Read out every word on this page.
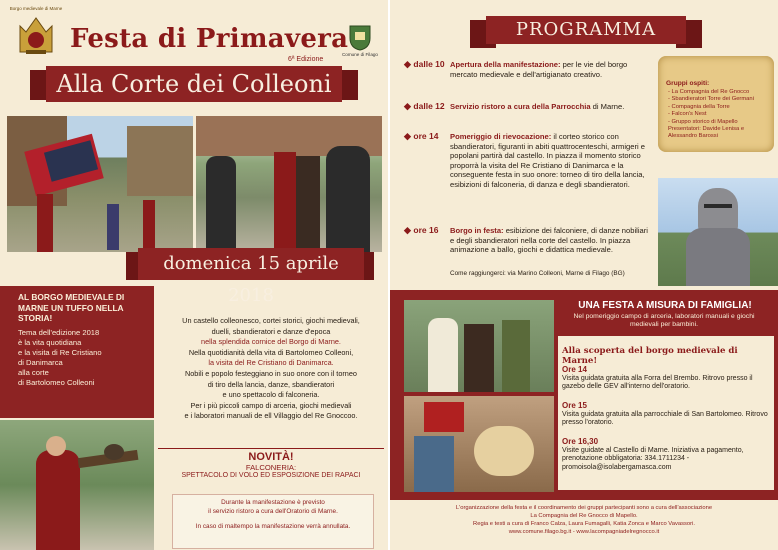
Borgo medievale di Marne
Festa di Primavera
6ª Edizione
Comune di Filago
Alla Corte dei Colleoni
domenica 15 aprile 2018
AL BORGO MEDIEVALE DI MARNE UN TUFFO NELLA STORIA!
Tema dell'edizione 2018
è la vita quotidiana
e la visita di Re Cristiano
di Danimarca
alla corte
di Bartolomeo Colleoni
Un castello colleonesco, cortei storici, giochi medievali,
duelli, sbandieratori e danze d'epoca
nella splendida cornice del Borgo di Marne.
Nella quotidianità della vita di Bartolomeo Colleoni,
la visita del Re Cristiano di Danimarca.
Nobili e popolo festeggiano in suo onore con il torneo
di tiro della lancia, danze, sbandieratori
e uno spettacolo di falconeria.
Per i più piccoli campo di arceria, giochi medievali
e i laboratori manuali de ell Villaggio del Re Gnoccoo.
NOVITÀ!
FALCONERIA:
SPETTACOLO DI VOLO ED ESPOSIZIONE DEI RAPACI
Durante la manifestazione è previsto
il servizio ristoro a cura dell'Oratorio di Marne.
In caso di maltempo la manifestazione verrà annullata.
PROGRAMMA
◆ dalle 10 Apertura della manifestazione: per le vie del borgo mercato medievale e dell'artigianato creativo.
◆ dalle 12 Servizio ristoro a cura della Parrocchia di Marne.
◆ ore 14	Pomeriggio di rievocazione: il corteo storico con sbandieratori, figuranti in abiti quattrocenteschi, armigeri e popolani partirà dal castello. In piazza il momento storico proporrà la visita del Re Cristiano di Danimarca e la conseguente festa in suo onore: torneo di tiro della lancia, esibizioni di falconeria, di danza e degli sbandieratori.
◆ ore 16	Borgo in festa: esibizione dei falconiere, di danze nobiliari e degli sbandieratori nella corte del castello. In piazza animazione a ballo, giochi e didattica medievale.
Come raggiungerci: via Marino Colleoni, Marne di Filago (BG)
Gruppi ospiti:
- La Compagnia del Re Gnocco
- Sbandieratori Torre dei Germani
- Compagnia della Torre
- Falcon's Nest
- Gruppo storico di Mapello
Presentatori: Davide Lenisa e Alessandro Barossi
UNA FESTA A MISURA DI FAMIGLIA!
Nel pomeriggio campo di arceria, laboratori manuali e giochi medievali per bambini.
Alla scoperta del borgo medievale di Marne!
Ore 14
Visita guidata gratuita alla Forra del Brembo. Ritrovo presso il gazebo delle GEV all'interno dell'oratorio.
Ore 15
Visita guidata gratuita alla parrocchiale di San Bartolomeo. Ritrovo presso l'oratorio.
Ore 16,30
Visite guidate al Castello di Marne. Iniziativa a pagamento, prenotazione obbligatoria: 334.1711234 - promoisola@isolabergamasca.com
L'organizzazione della festa e il coordinamento dei gruppi partecipanti sono a cura dell'associazione
La Compagnia del Re Gnocco di Mapello.
Regia e testi a cura di Franco Calza, Laura Fumagalli, Katia Zonca e Marco Vavassori.
www.comune.filago.bg.it - www.lacompagniadelregnocco.it
